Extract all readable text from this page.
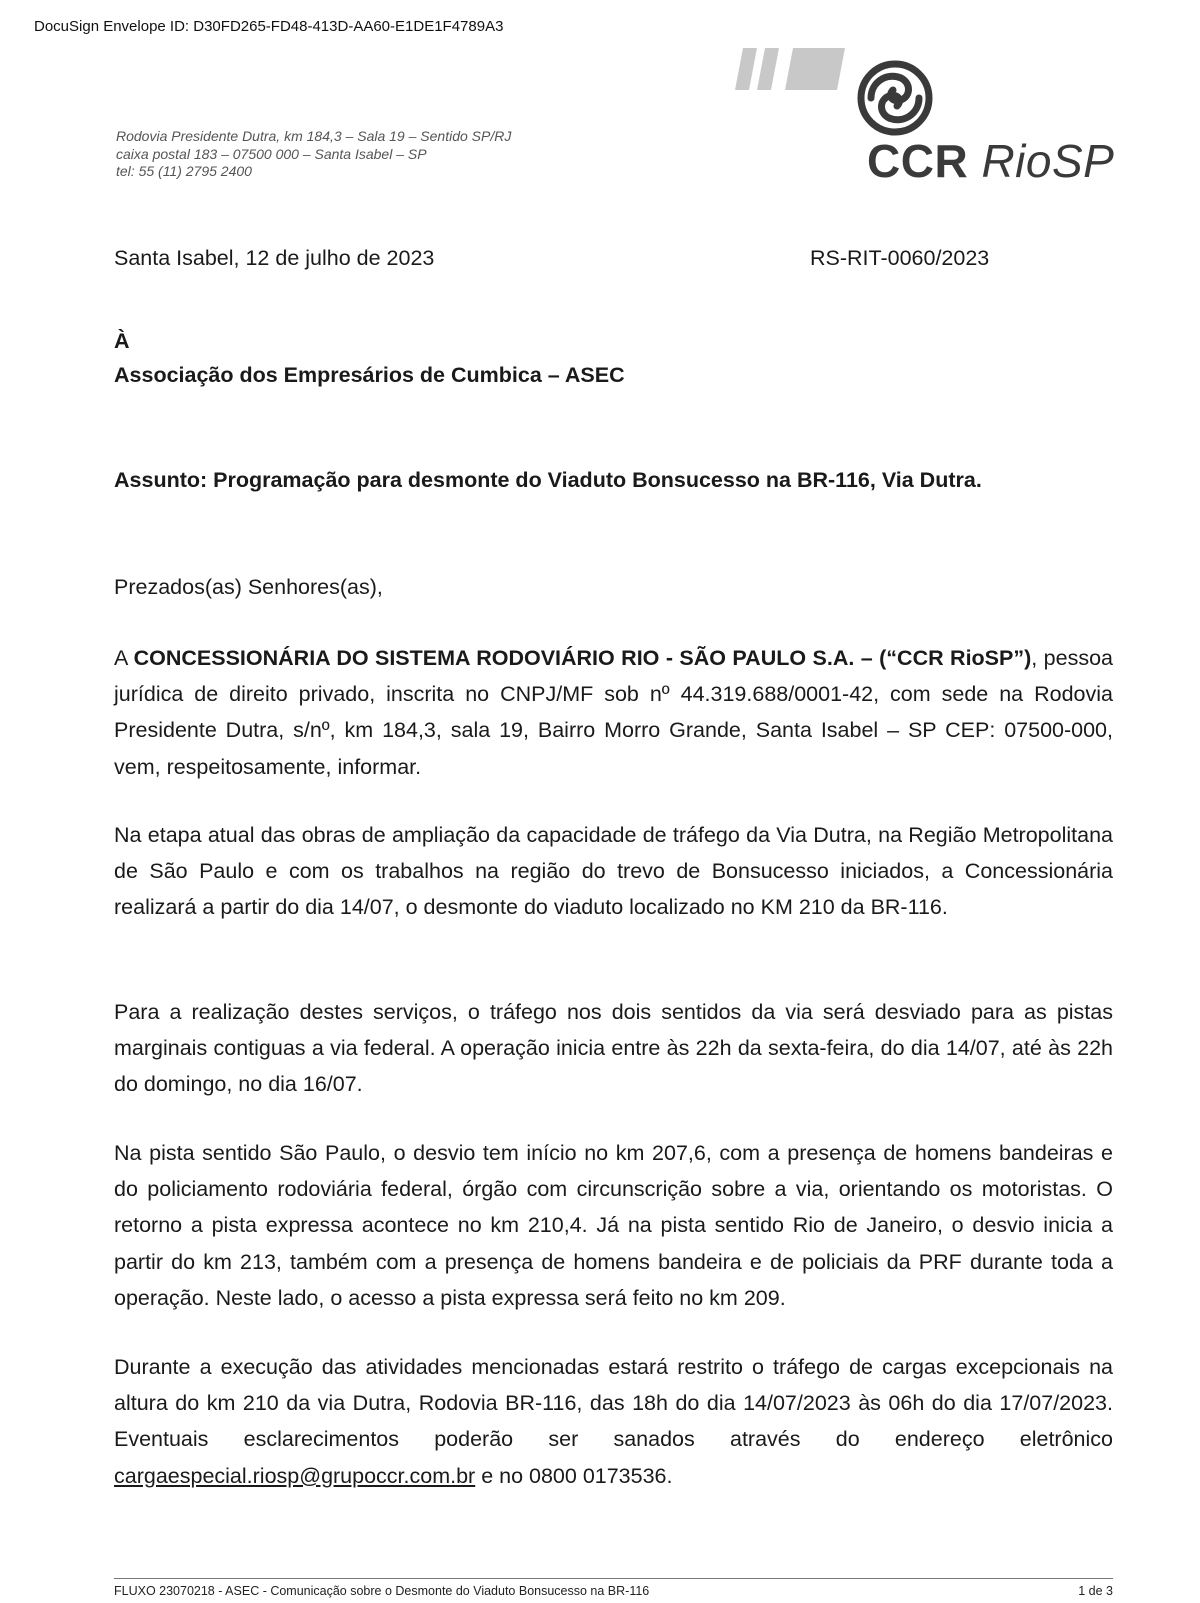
DocuSign Envelope ID: D30FD265-FD48-413D-AA60-E1DE1F4789A3
Rodovia Presidente Dutra, km 184,3 – Sala 19 – Sentido SP/RJ
caixa postal 183 – 07500 000 – Santa Isabel – SP
tel: 55 (11) 2795 2400	CCR RioSP
Santa Isabel, 12 de julho de 2023	RS-RIT-0060/2023
À
Associação dos Empresários de Cumbica – ASEC
Assunto: Programação para desmonte do Viaduto Bonsucesso na BR-116, Via Dutra.
Prezados(as) Senhores(as),
A CONCESSIONÁRIA DO SISTEMA RODOVIÁRIO RIO - SÃO PAULO S.A. – (“CCR RioSP”), pessoa jurídica de direito privado, inscrita no CNPJ/MF sob nº 44.319.688/0001-42, com sede na Rodovia Presidente Dutra, s/nº, km 184,3, sala 19, Bairro Morro Grande, Santa Isabel – SP CEP: 07500-000, vem, respeitosamente, informar.
Na etapa atual das obras de ampliação da capacidade de tráfego da Via Dutra, na Região Metropolitana de São Paulo e com os trabalhos na região do trevo de Bonsucesso iniciados, a Concessionária realizará a partir do dia 14/07, o desmonte do viaduto localizado no KM 210 da BR-116.
Para a realização destes serviços, o tráfego nos dois sentidos da via será desviado para as pistas marginais contiguas a via federal. A operação inicia entre às 22h da sexta-feira, do dia 14/07, até às 22h do domingo, no dia 16/07.
Na pista sentido São Paulo, o desvio tem início no km 207,6, com a presença de homens bandeiras e do policiamento rodoviária federal, órgão com circunscrição sobre a via, orientando os motoristas. O retorno a pista expressa acontece no km 210,4. Já na pista sentido Rio de Janeiro, o desvio inicia a partir do km 213, também com a presença de homens bandeira e de policiais da PRF durante toda a operação. Neste lado, o acesso a pista expressa será feito no km 209.
Durante a execução das atividades mencionadas estará restrito o tráfego de cargas excepcionais na altura do km 210 da via Dutra, Rodovia BR-116, das 18h do dia 14/07/2023 às 06h do dia 17/07/2023. Eventuais esclarecimentos poderão ser sanados através do endereço eletrônico cargaespecial.riosp@grupoccr.com.br e no 0800 0173536.
FLUXO 23070218 - ASEC - Comunicação sobre o Desmonte do Viaduto Bonsucesso na BR-116	1 de 3
